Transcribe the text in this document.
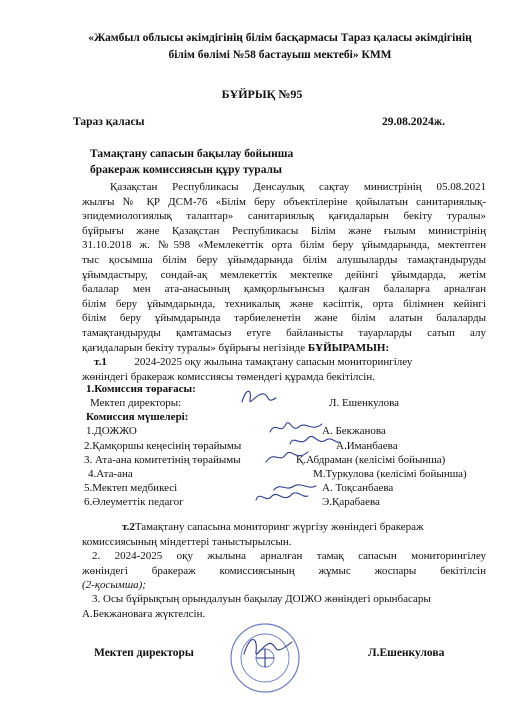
«Жамбыл облысы әкімдігінің білім басқармасы Тараз қаласы әкімдігінің
білім бөлімі №58 бастауыш мектебі» КММ
БҰЙРЫҚ №95
Тараз қаласы	29.08.2024ж.
Тамақтану сапасын бақылау бойынша
бракераж комиссиясын құру туралы
Қазақстан Республикасы Денсаулық сақтау министрінің 05.08.2021
жылғы № ҚР ДСМ-76 «Білім беру объектілеріне қойылатын санитариялық-
эпидемиологиялық талаптар» санитариялық қағидаларын бекіту туралы»
бұйрығы және Қазақстан Республикасы Білім және ғылым министрінің
31.10.2018 ж. №598 «Мемлекеттік орта білім беру ұйымдарында, мектептен
тыс қосымша білім беру ұйымдарында білім алушыларды тамақтандыруды
ұйымдастыру, сондай-ақ мемлекеттік мектепке дейінгі ұйымдарда, жетім
балалар мен ата-анасының қамқорлығынсыз қалған балаларға арналған
білім беру ұйымдарында, техникалық және кәсіптік, орта білімнен кейінгі
білім беру ұйымдарында тәрбиеленетін және білім алатын балаларды
тамақтандыруды қамтамасыз етуге байланысты тауарларды сатып алу
қағидаларын бекіту туралы» бұйрығы негізінде БҰЙЫРАМЫН:
т.1	2024-2025 оқу жылына тамақтану сапасын мониторингілеу
жөніндегі бракераж комиссиясы төмендегі құрамда бекітілсін.
1.Комиссия төрағасы:
Мектеп директоры:	Л. Ешенкулова
Комиссия мүшелері:
1.ДОЖЖО	А. Бекжанова
2.Қамқоршы кеңесінің төрайымы	А.Иманбаева
3. Ата-ана комитетінің төрайымы	Қ.Абдраман (келісімі бойынша)
4.Ата-ана	М.Туркулова (келісімі бойынша)
5.Мектеп медбикесі	А. Тоқсанбаева
6.Әлеуметтік педагог	Э.Қарабаева
т.2Тамақтану сапасына мониторинг жүргізу жөніндегі бракераж
комиссиясының міндеттері таныстырылсын.
2. 2024-2025 оқу жылына арналған тамақ сапасын мониторингілеу
жөніндегі бракераж комиссиясының жұмыс жоспары бекітілсін
(2-қосымша);
3. Осы бұйрықтың орындалуын бақылау ДОІЖО жөніндегі орынбасары
А.Бекжановаға жүктелсін.
Мектеп директоры	Л.Ешенкулова
